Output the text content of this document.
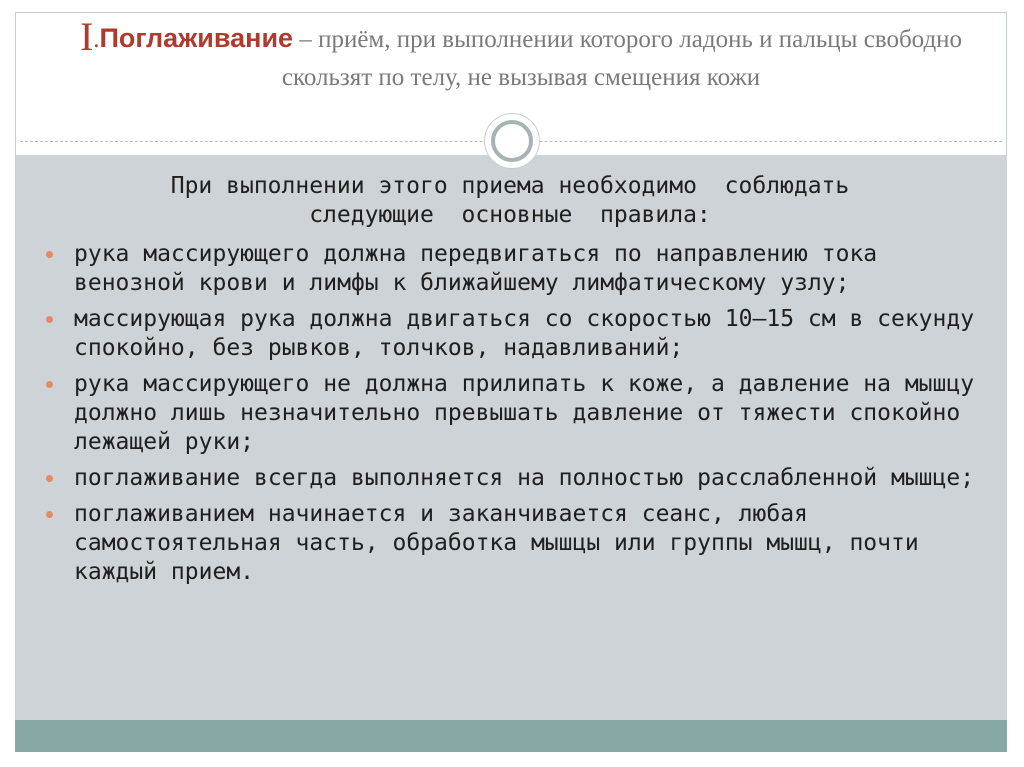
I.Поглаживание – приём, при выполнении которого ладонь и пальцы свободно скользят по телу, не вызывая смещения кожи

При выполнении этого приема необходимо  соблюдать
следующие  основные  правила:

рука массирующего должна передвигаться по направлению тока венозной крови и лимфы к ближайшему лимфатическому узлу;
массирующая рука должна двигаться со скоростью 10—15 см в секунду спокойно, без рывков, толчков, надавливаний;
рука массирующего не должна прилипать к коже, а давление на мышцу должно лишь незначительно превышать давление от тяжести спокойно лежащей руки;
поглаживание всегда выполняется на полностью расслабленной мышце;
поглаживанием начинается и заканчивается сеанс, любая самостоятельная часть, обработка мышцы или группы мышц, почти каждый прием.
